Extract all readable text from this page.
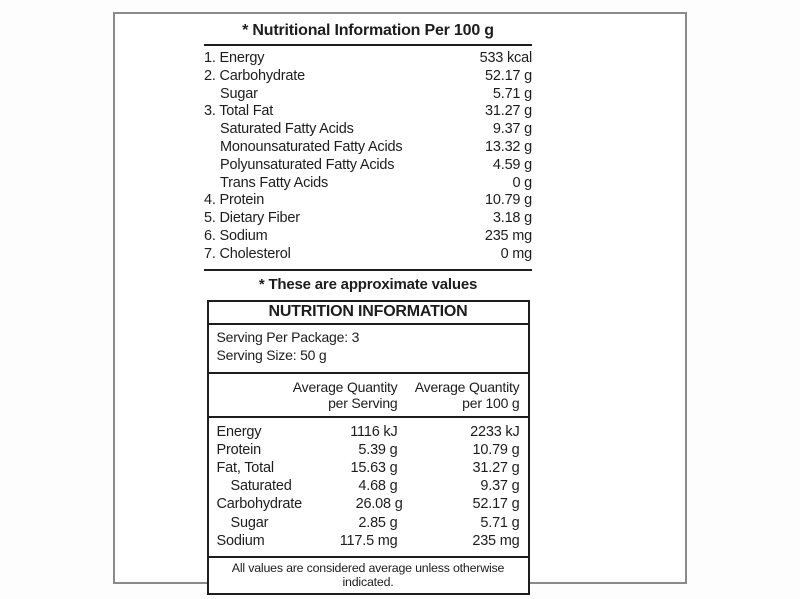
* Nutritional Information Per 100 g
1. Energy	533 kcal
2. Carbohydrate	52.17 g
Sugar	5.71 g
3. Total Fat	31.27 g
Saturated Fatty Acids	9.37 g
Monounsaturated Fatty Acids	13.32 g
Polyunsaturated Fatty Acids	4.59 g
Trans Fatty Acids	0 g
4. Protein	10.79 g
5. Dietary Fiber	3.18 g
6. Sodium	235 mg
7. Cholesterol	0 mg
* These are approximate values
NUTRITION INFORMATION
Serving Per Package: 3
Serving Size: 50 g
Average Quantity
per Serving
Average Quantity
per 100 g
Energy	1116 kJ	2233 kJ
Protein	5.39 g	10.79 g
Fat, Total	15.63 g	31.27 g
Saturated	4.68 g	9.37 g
Carbohydrate	26.08 g	52.17 g
Sugar	2.85 g	5.71 g
Sodium	117.5 mg	235 mg
All values are considered average unless otherwise indicated.
